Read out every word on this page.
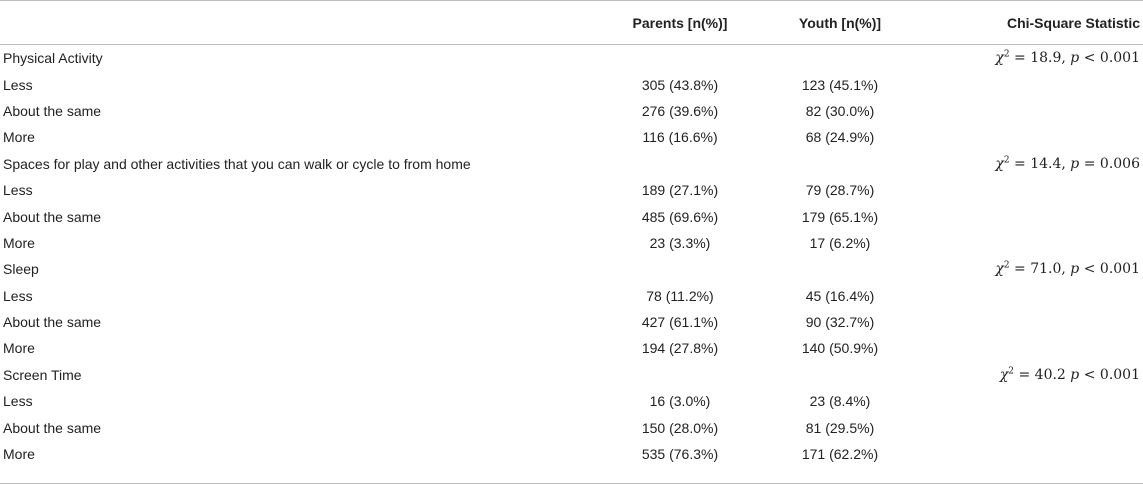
	Parents [n(%)]	Youth [n(%)]	Chi-Square Statistic
Physical Activity			$\chi^2 = 18.9$, p < 0.001
Less	305 (43.8%)	123 (45.1%)	
About the same	276 (39.6%)	82 (30.0%)	
More	116 (16.6%)	68 (24.9%)	
Spaces for play and other activities that you can walk or cycle to from home			$\chi^2 = 14.4$, p = 0.006
Less	189 (27.1%)	79 (28.7%)	
About the same	485 (69.6%)	179 (65.1%)	
More	23 (3.3%)	17 (6.2%)	
Sleep			$\chi^2 = 71.0$, p < 0.001
Less	78 (11.2%)	45 (16.4%)	
About the same	427 (61.1%)	90 (32.7%)	
More	194 (27.8%)	140 (50.9%)	
Screen Time			$\chi^2 = 40.2$ p < 0.001
Less	16 (3.0%)	23 (8.4%)	
About the same	150 (28.0%)	81 (29.5%)	
More	535 (76.3%)	171 (62.2%)	
